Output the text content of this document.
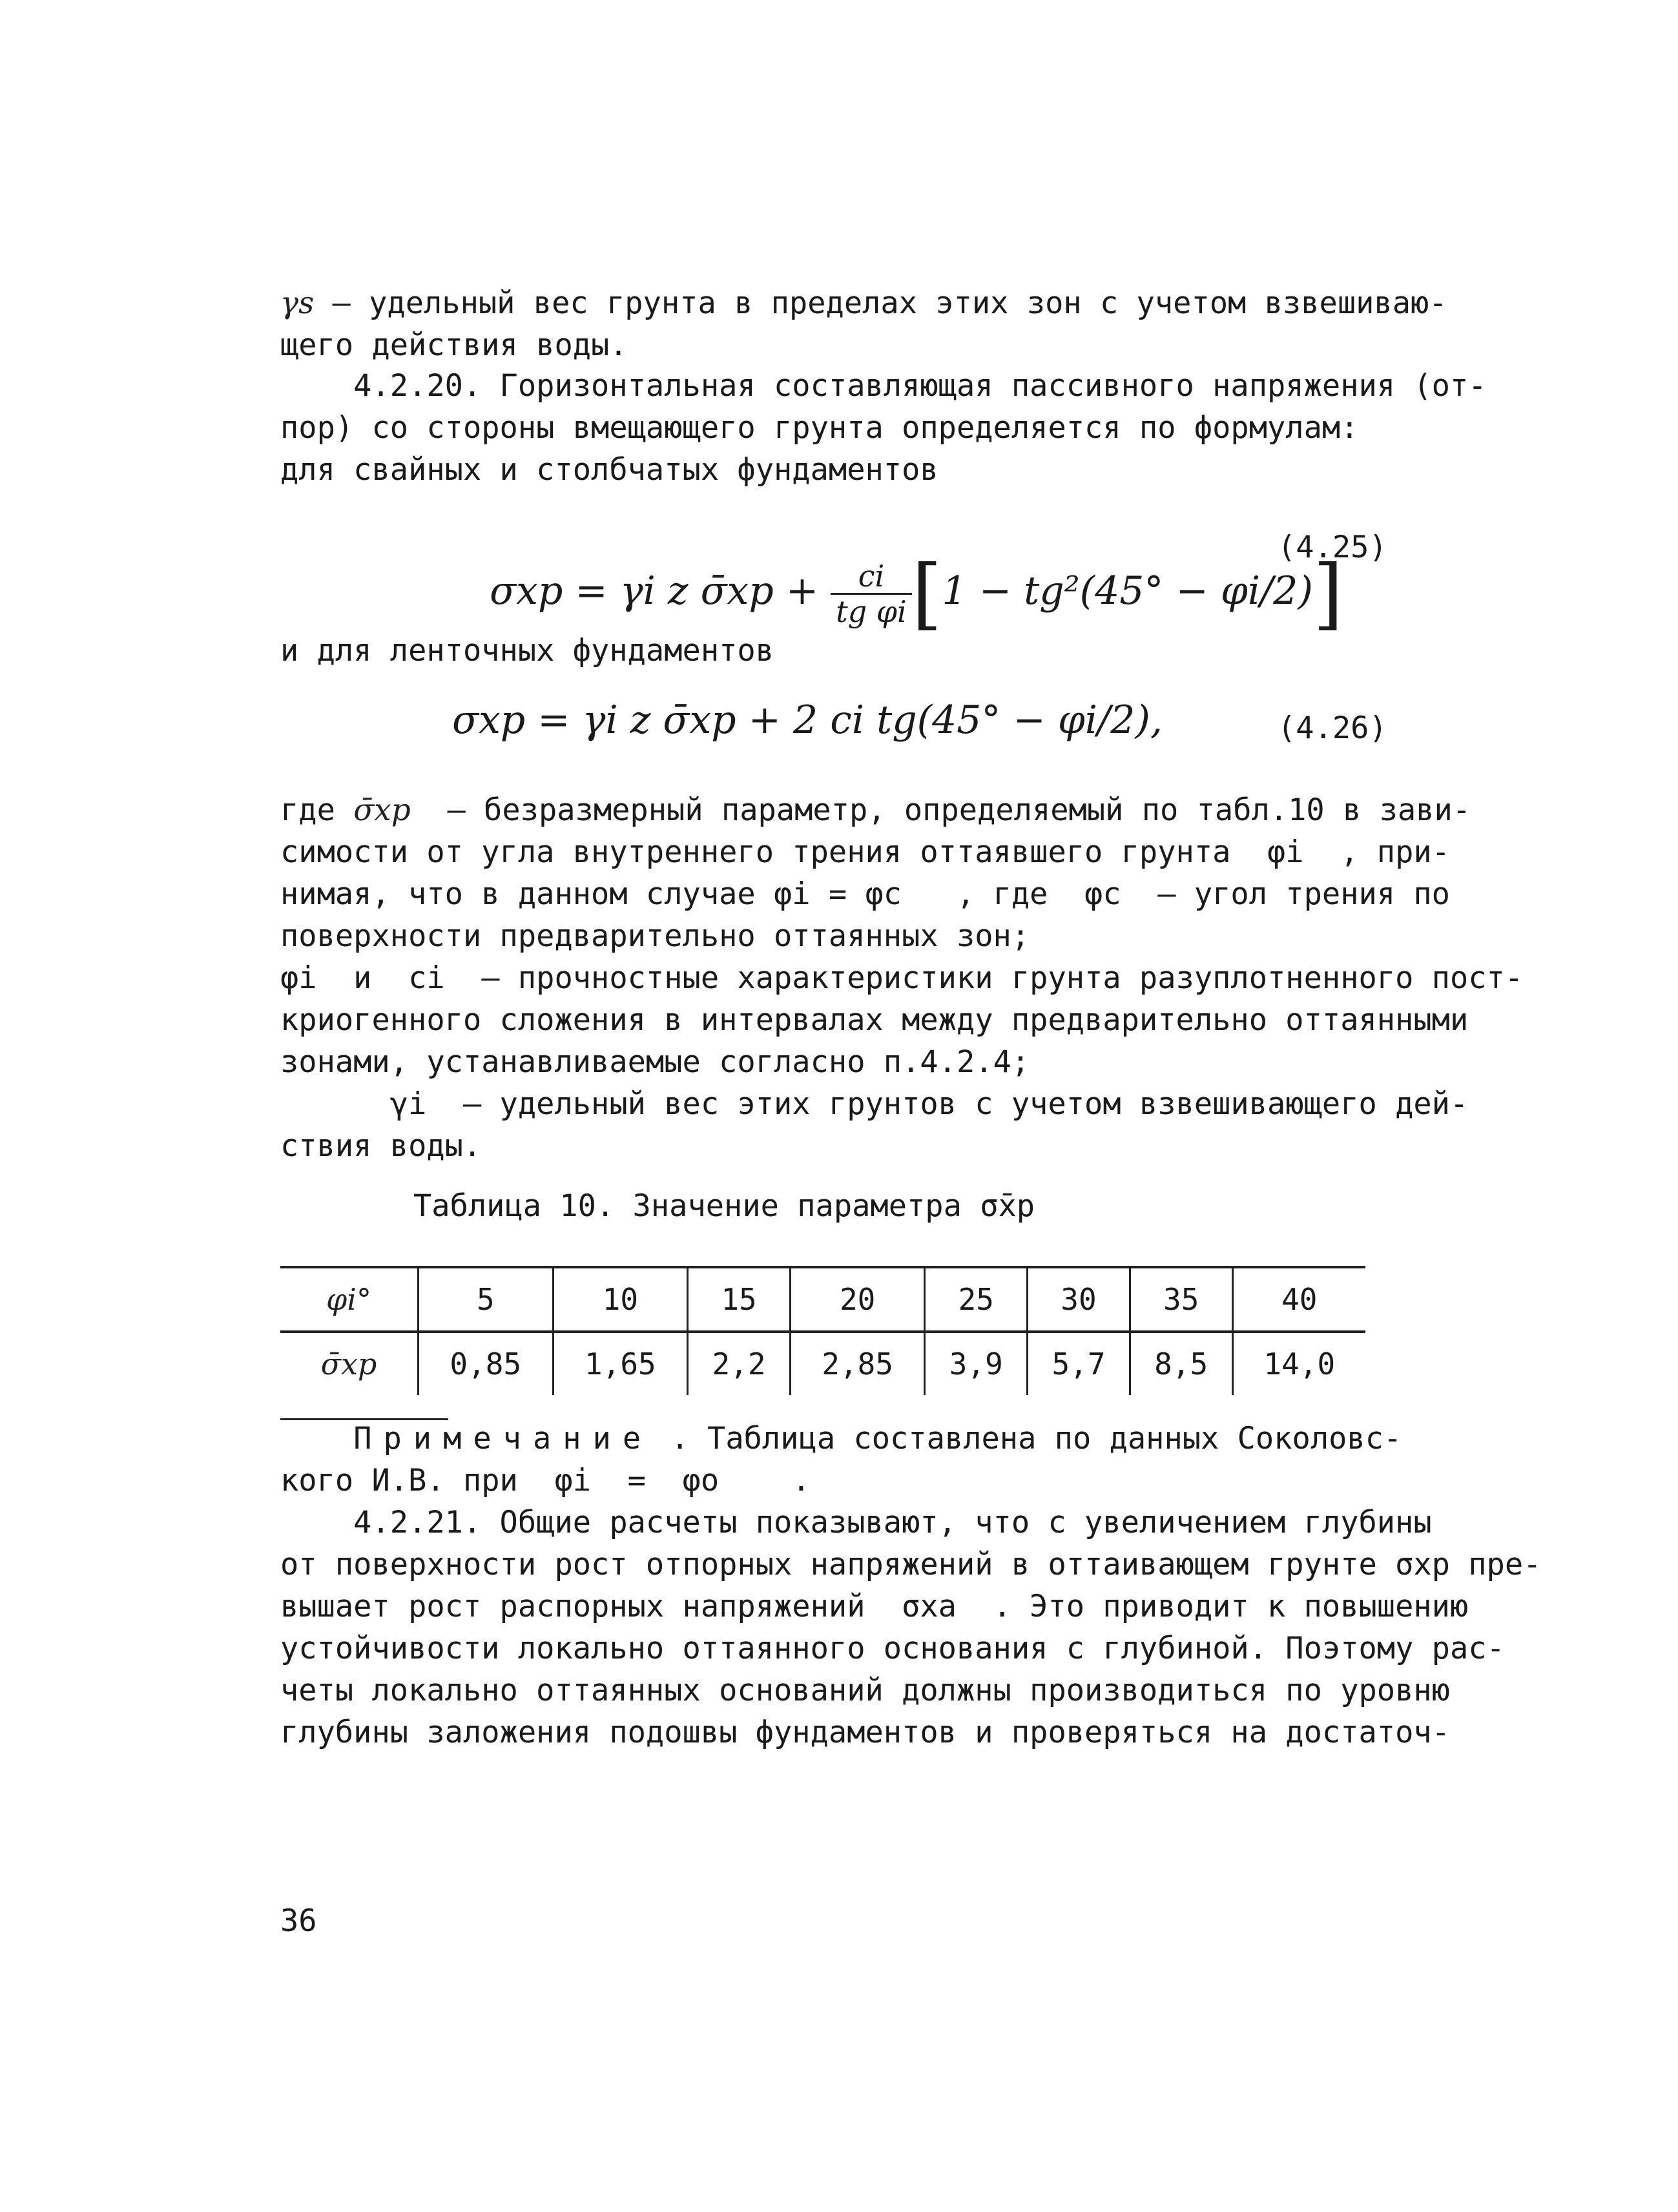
γs – удельный вес грунта в пределах этих зон с учетом взвешиваю-
щего действия воды.
4.2.20. Горизонтальная составляющая пассивного напряжения (от-
пор) со стороны вмещающего грунта определяется по формулам:
для свайных и столбчатых фундаментов

σxp = γi z σ̄xp + $\frac{ci}{\text{tg φi}} [1 - tg^2(45^\circ - \varphi i/2)]$

(4.25)
и для ленточных фундаментов
σxp = γi z σ̄xp + 2 ci tg(45° − φi/2),	(4.26)
где σ̄xp  – безразмерный параметр, определяемый по табл.10 в зави-
симости от угла внутреннего трения оттаявшего грунта  φi  , при-
нимая, что в данном случае φi = φc   , где  φc  – угол трения по
поверхности предварительно оттаянных зон;
φi  и  ci  – прочностные характеристики грунта разуплотненного пост-
криогенного сложения в интервалах между предварительно оттаянными
зонами, устанавливаемые согласно п.4.2.4;
γi  – удельный вес этих грунтов с учетом взвешивающего дей-
ствия воды.
Таблица 10. Значение параметра σ̄xp
φi°	5	10	15	20	25	30	35	40
σ̄xp	0,85	1,65	2,2	2,85	3,9	5,7	8,5	14,0
Примечание . Таблица составлена по данных Соколовс-
кого И.В. при  φi  =  φo    .
4.2.21. Общие расчеты показывают, что с увеличением глубины
от поверхности рост отпорных напряжений в оттаивающем грунте σxp пре-
вышает рост распорных напряжений  σxa  . Это приводит к повышению
устойчивости локально оттаянного основания с глубиной. Поэтому рас-
четы локально оттаянных оснований должны производиться по уровню
глубины заложения подошвы фундаментов и проверяться на достаточ-
36
